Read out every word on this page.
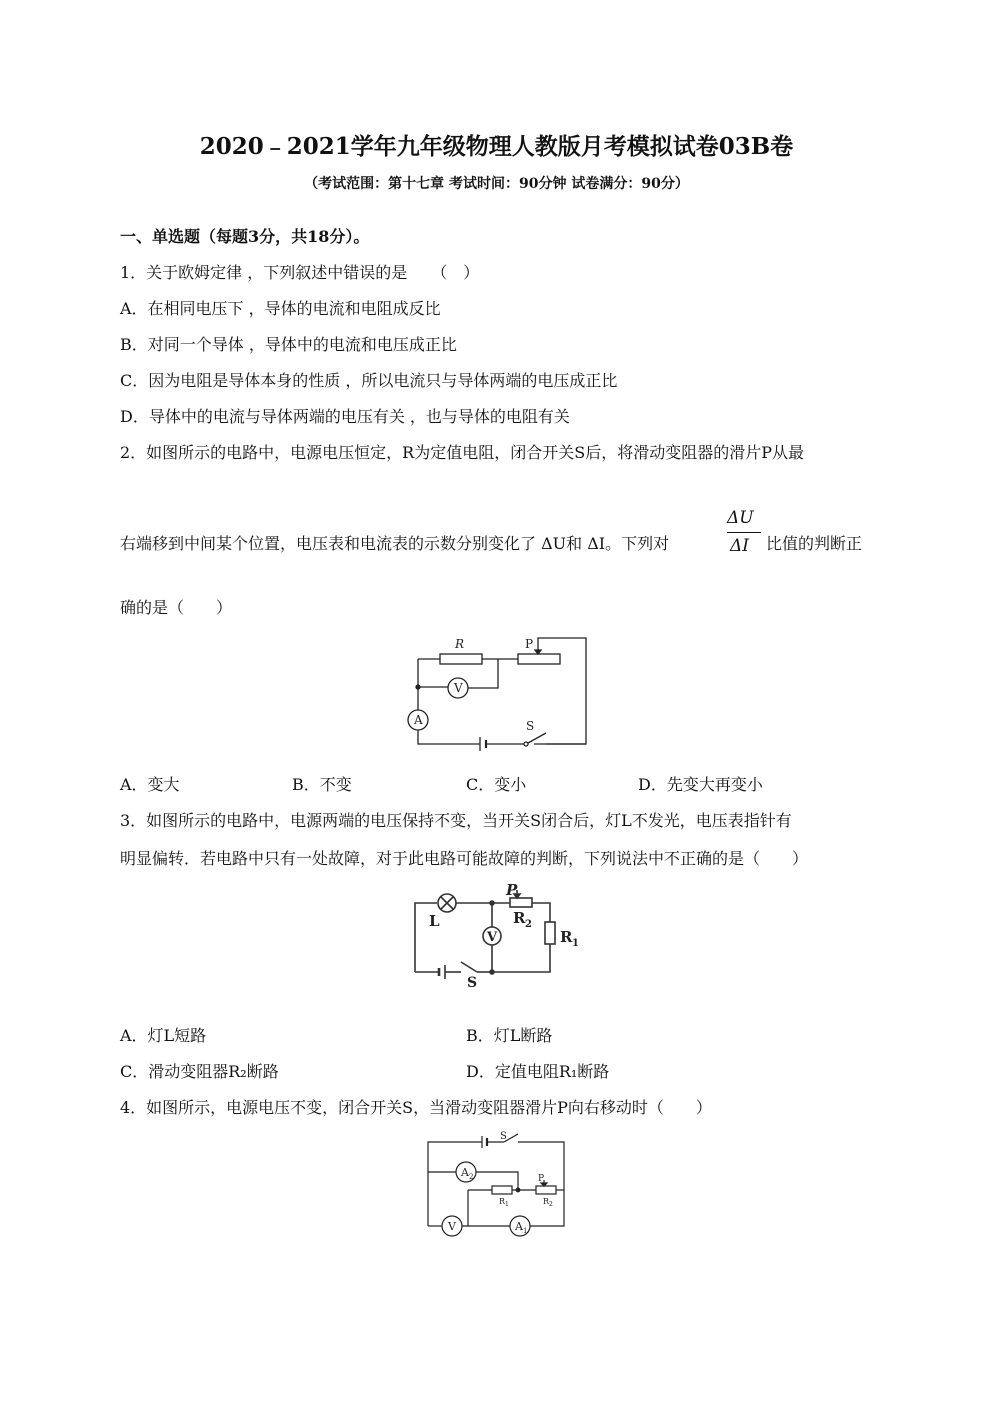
2020﹣2021学年九年级物理人教版月考模拟试卷03B卷
（考试范围：第十七章 考试时间：90分钟 试卷满分：90分）
一、单选题（每题3分，共18分）。
1．关于欧姆定律 ，下列叙述中错误的是　　（　）
A．在相同电压下 ，导体的电流和电阻成反比
B．对同一个导体 ，导体中的电流和电压成正比
C．因为电阻是导体本身的性质 ，所以电流只与导体两端的电压成正比
D．导体中的电流与导体两端的电压有关 ，也与导体的电阻有关
2．如图所示的电路中，电源电压恒定，R为定值电阻，闭合开关S后，将滑动变阻器的滑片P从最
右端移到中间某个位置，电压表和电流表的示数分别变化了 ΔU和 ΔI。下列对
ΔU
ΔI 比值的判断正
确的是（　　）
R	P
V
A	S
A．变大	B．不变	C．变小	D．先变大再变小
3．如图所示的电路中，电源两端的电压保持不变，当开关S闭合后，灯L不发光，电压表指针有
明显偏转．若电路中只有一处故障，对于此电路可能故障的判断，下列说法中不正确的是（　　）
P
R 2
R 1
L
V
S
A．灯L短路	B．灯L断路
C．滑动变阻器R₂断路	D．定值电阻R₁断路
4．如图所示，电源电压不变，闭合开关S，当滑动变阻器滑片P向右移动时（　　）
S
A 2	P
R 1	R 2
V	A 1
